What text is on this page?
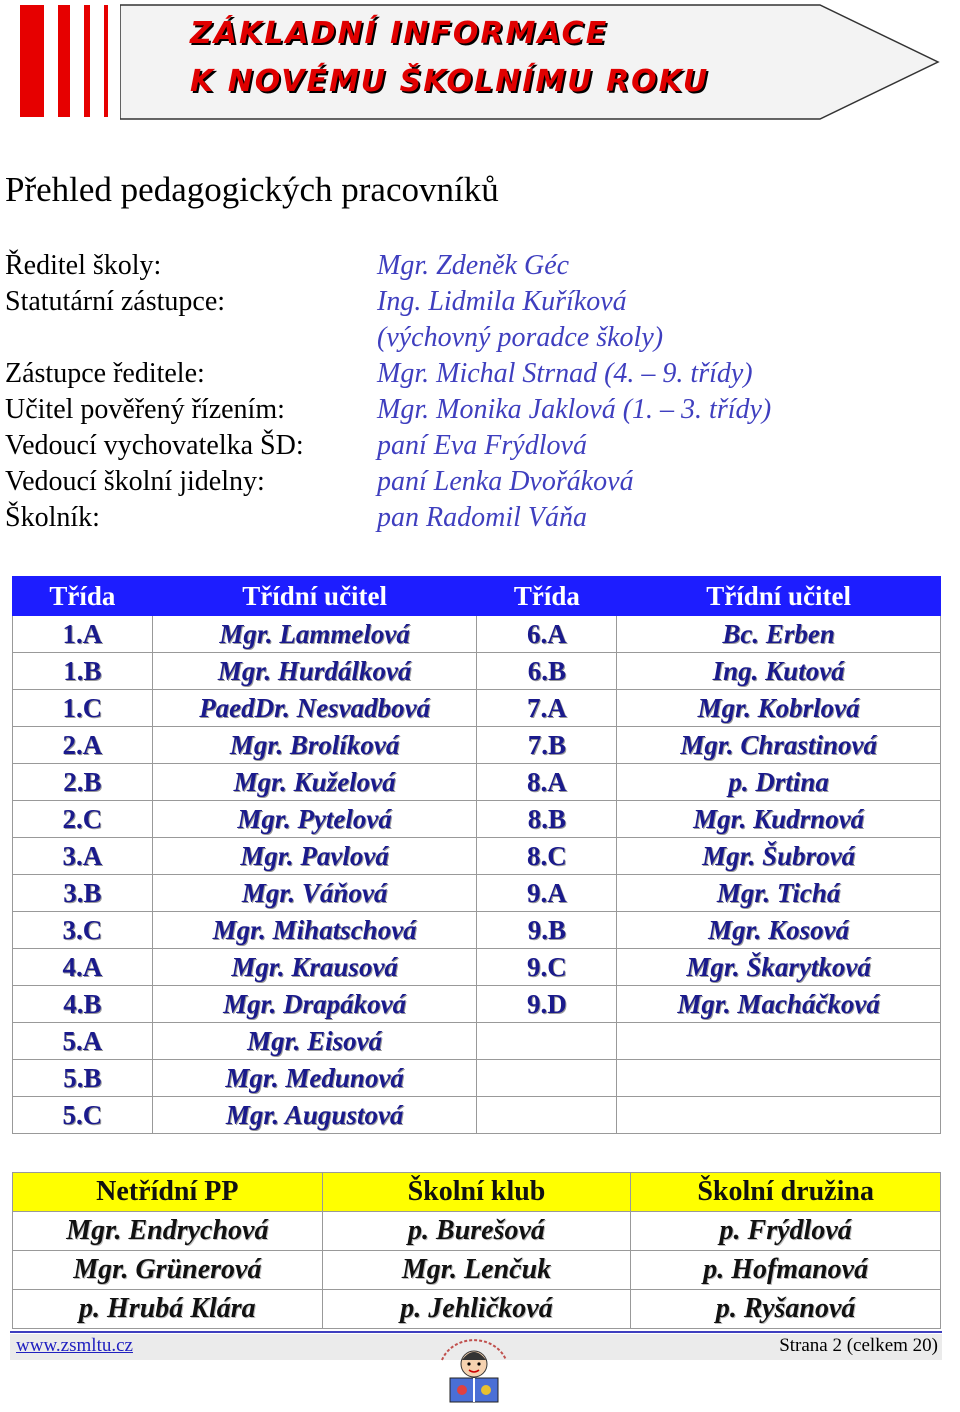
ZÁKLADNÍ INFORMACE
K NOVÉMU ŠKOLNÍMU ROKU
Přehled pedagogických pracovníků
Ředitel školy:	Mgr. Zdeněk Géc
Statutární zástupce:	Ing. Lidmila Kuříková
(výchovný poradce školy)
Zástupce ředitele:	Mgr. Michal Strnad (4. – 9. třídy)
Učitel pověřený řízením:	Mgr. Monika Jaklová (1. – 3. třídy)
Vedoucí vychovatelka ŠD:	paní Eva Frýdlová
Vedoucí školní jidelny:	paní Lenka Dvořáková
Školník:	pan Radomil Váňa
Třída	Třídní učitel	Třída	Třídní učitel
1.A	Mgr. Lammelová	6.A	Bc. Erben
1.B	Mgr. Hurdálková	6.B	Ing. Kutová
1.C	PaedDr. Nesvadbová	7.A	Mgr. Kobrlová
2.A	Mgr. Brolíková	7.B	Mgr. Chrastinová
2.B	Mgr. Kuželová	8.A	p. Drtina
2.C	Mgr. Pytelová	8.B	Mgr. Kudrnová
3.A	Mgr. Pavlová	8.C	Mgr. Šubrová
3.B	Mgr. Váňová	9.A	Mgr. Tichá
3.C	Mgr. Mihatschová	9.B	Mgr. Kosová
4.A	Mgr. Krausová	9.C	Mgr. Škarytková
4.B	Mgr. Drapáková	9.D	Mgr. Macháčková
5.A	Mgr. Eisová		
5.B	Mgr. Medunová		
5.C	Mgr. Augustová		
Netřídní PP	Školní klub	Školní družina
Mgr. Endrychová	p. Burešová	p. Frýdlová
Mgr. Grünerová	Mgr. Lenčuk	p. Hofmanová
p. Hrubá Klára	p. Jehličková	p. Ryšanová
www.zsmltu.cz	Strana 2 (celkem 20)
